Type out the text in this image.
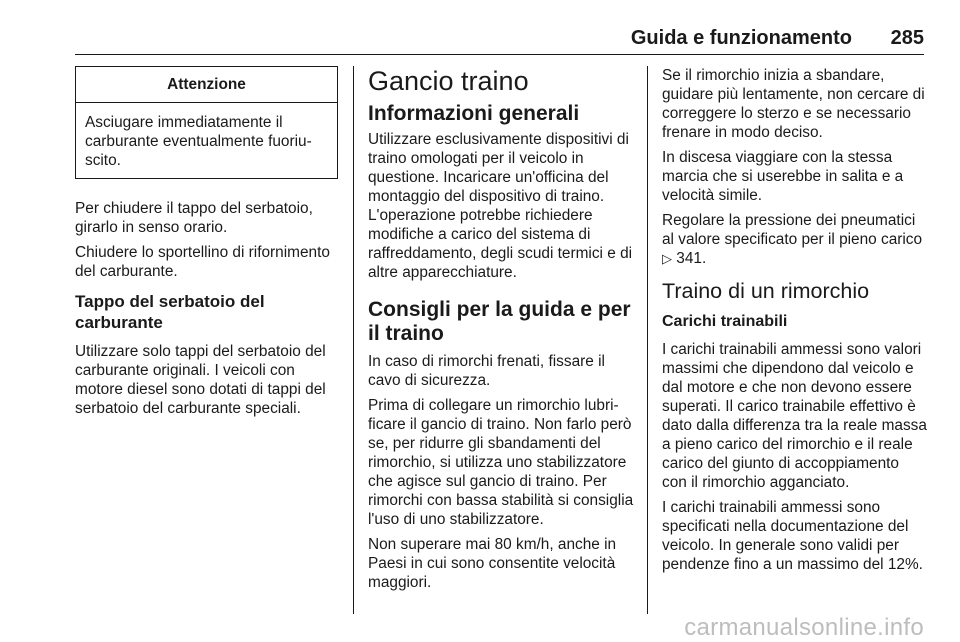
Guida e funzionamento 285
Attenzione
Asciugare immediatamente il carburante eventualmente fuoriuscito.

Per chiudere il tappo del serbatoio, girarlo in senso orario.

Chiudere lo sportellino di rifornimento del carburante.

Tappo del serbatoio del carburante

Utilizzare solo tappi del serbatoio del carburante originali. I veicoli con motore diesel sono dotati di tappi del serbatoio del carburante speciali.

Gancio traino
Informazioni generali

Utilizzare esclusivamente dispositivi di traino omologati per il veicolo in questione. Incaricare un'officina del montaggio del dispositivo di traino. L'operazione potrebbe richiedere modifiche a carico del sistema di raffreddamento, degli scudi termici e di altre apparecchiature.

Consigli per la guida e per il traino

In caso di rimorchi frenati, fissare il cavo di sicurezza.

Prima di collegare un rimorchio lubrificare il gancio di traino. Non farlo però se, per ridurre gli sbandamenti del rimorchio, si utilizza uno stabilizzatore che agisce sul gancio di traino. Per rimorchi con bassa stabilità si consiglia l'uso di uno stabilizzatore.

Non superare mai 80 km/h, anche in Paesi in cui sono consentite velocità maggiori.

Se il rimorchio inizia a sbandare, guidare più lentamente, non cercare di correggere lo sterzo e se necessario frenare in modo deciso.

In discesa viaggiare con la stessa marcia che si userebbe in salita e a velocità simile.

Regolare la pressione dei pneumatici al valore specificato per il pieno carico ▷ 341.

Traino di un rimorchio
Carichi trainabili

I carichi trainabili ammessi sono valori massimi che dipendono dal veicolo e dal motore e che non devono essere superati. Il carico trainabile effettivo è dato dalla differenza tra la reale massa a pieno carico del rimorchio e il reale carico del giunto di accoppiamento con il rimorchio agganciato.

I carichi trainabili ammessi sono specificati nella documentazione del veicolo. In generale sono validi per pendenze fino a un massimo del 12%.

carmanualsonline.info
